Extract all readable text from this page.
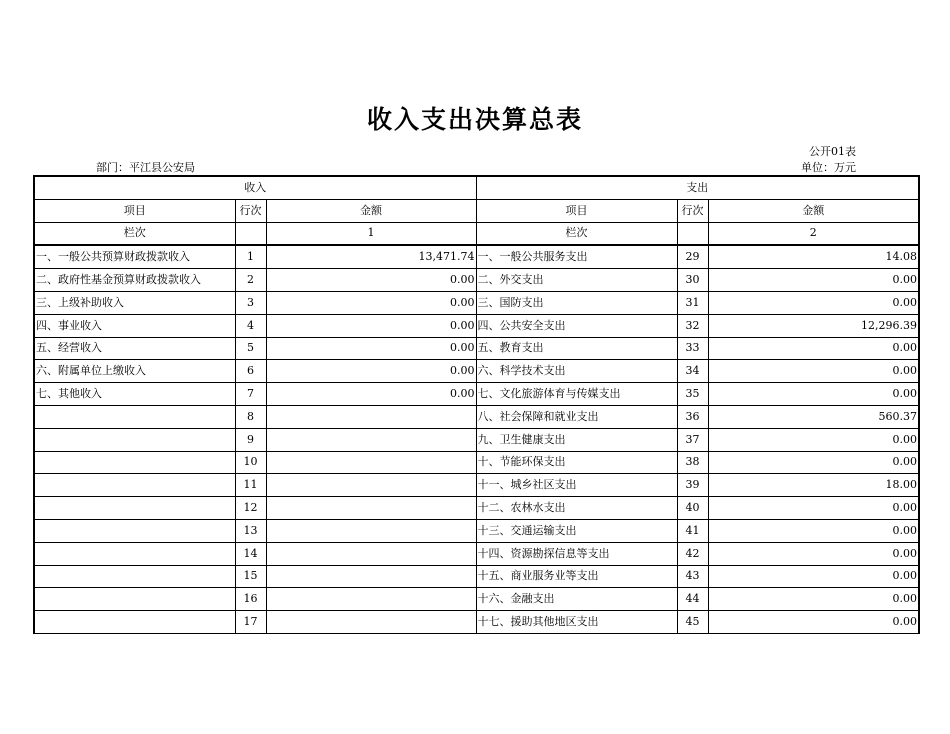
收入支出决算总表
公开01表
部门：平江县公安局	单位：万元
收入			支出		
项目	行次	金额	项目	行次	金额
栏次		1	栏次		2
一、一般公共预算财政拨款收入	1	13,471.74	一、一般公共服务支出	29	14.08
二、政府性基金预算财政拨款收入	2	0.00	二、外交支出	30	0.00
三、上级补助收入	3	0.00	三、国防支出	31	0.00
四、事业收入	4	0.00	四、公共安全支出	32	12,296.39
五、经营收入	5	0.00	五、教育支出	33	0.00
六、附属单位上缴收入	6	0.00	六、科学技术支出	34	0.00
七、其他收入	7	0.00	七、文化旅游体育与传媒支出	35	0.00
	8		八、社会保障和就业支出	36	560.37
	9		九、卫生健康支出	37	0.00
	10		十、节能环保支出	38	0.00
	11		十一、城乡社区支出	39	18.00
	12		十二、农林水支出	40	0.00
	13		十三、交通运输支出	41	0.00
	14		十四、资源勘探信息等支出	42	0.00
	15		十五、商业服务业等支出	43	0.00
	16		十六、金融支出	44	0.00
	17		十七、援助其他地区支出	45	0.00
